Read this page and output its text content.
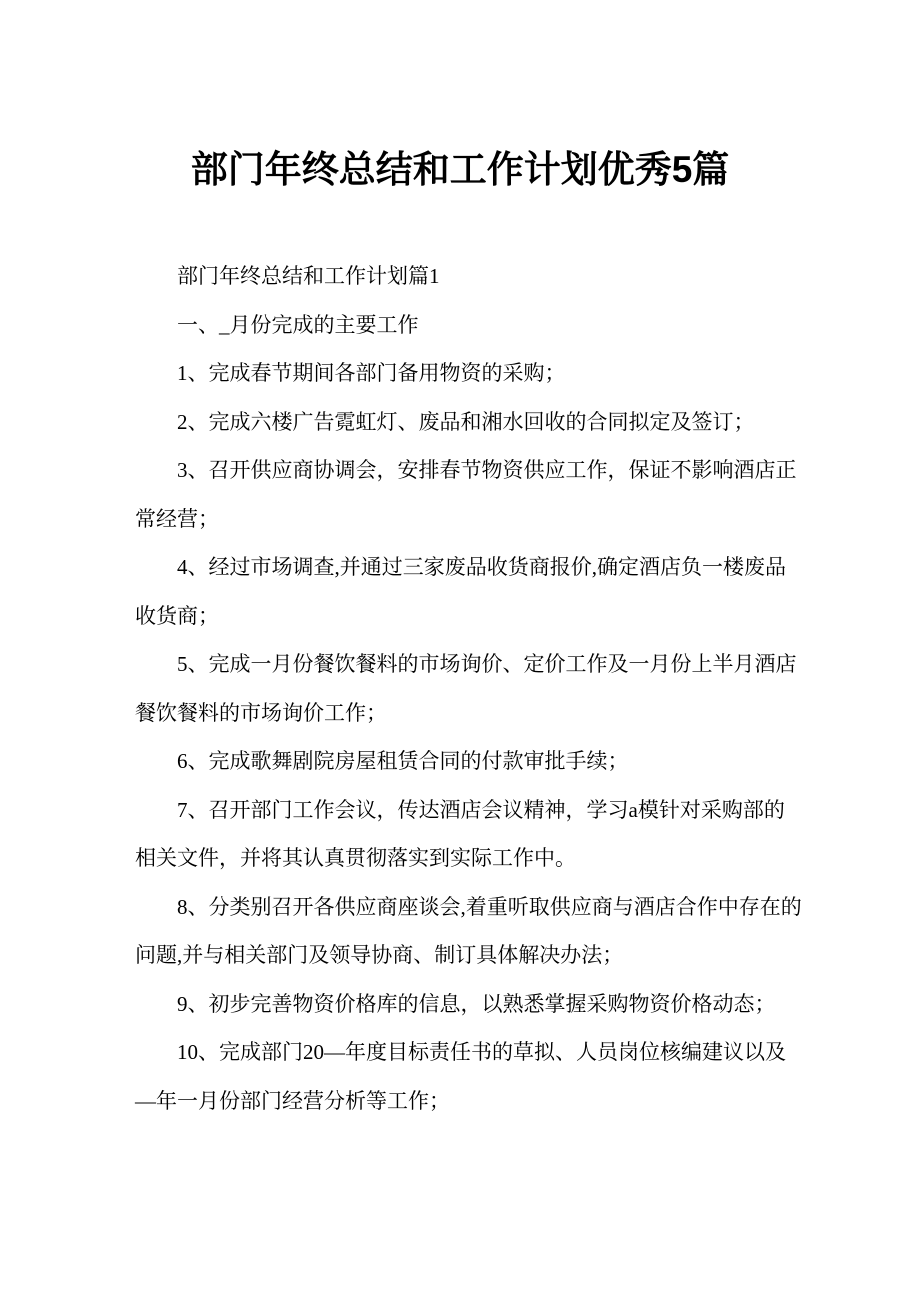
部门年终总结和工作计划优秀5篇

部门年终总结和工作计划篇1

一、_月份完成的主要工作

1、完成春节期间各部门备用物资的采购；

2、完成六楼广告霓虹灯、废品和湘水回收的合同拟定及签订；

3、召开供应商协调会，安排春节物资供应工作，保证不影响酒店正常经营；

4、经过市场调查,并通过三家废品收货商报价,确定酒店负一楼废品收货商；

5、完成一月份餐饮餐料的市场询价、定价工作及一月份上半月酒店餐饮餐料的市场询价工作；

6、完成歌舞剧院房屋租赁合同的付款审批手续；

7、召开部门工作会议，传达酒店会议精神，学习a模针对采购部的相关文件，并将其认真贯彻落实到实际工作中。

8、分类别召开各供应商座谈会,着重听取供应商与酒店合作中存在的问题,并与相关部门及领导协商、制订具体解决办法；

9、初步完善物资价格库的信息，以熟悉掌握采购物资价格动态；

10、完成部门20—年度目标责任书的草拟、人员岗位核编建议以及—年一月份部门经营分析等工作；
